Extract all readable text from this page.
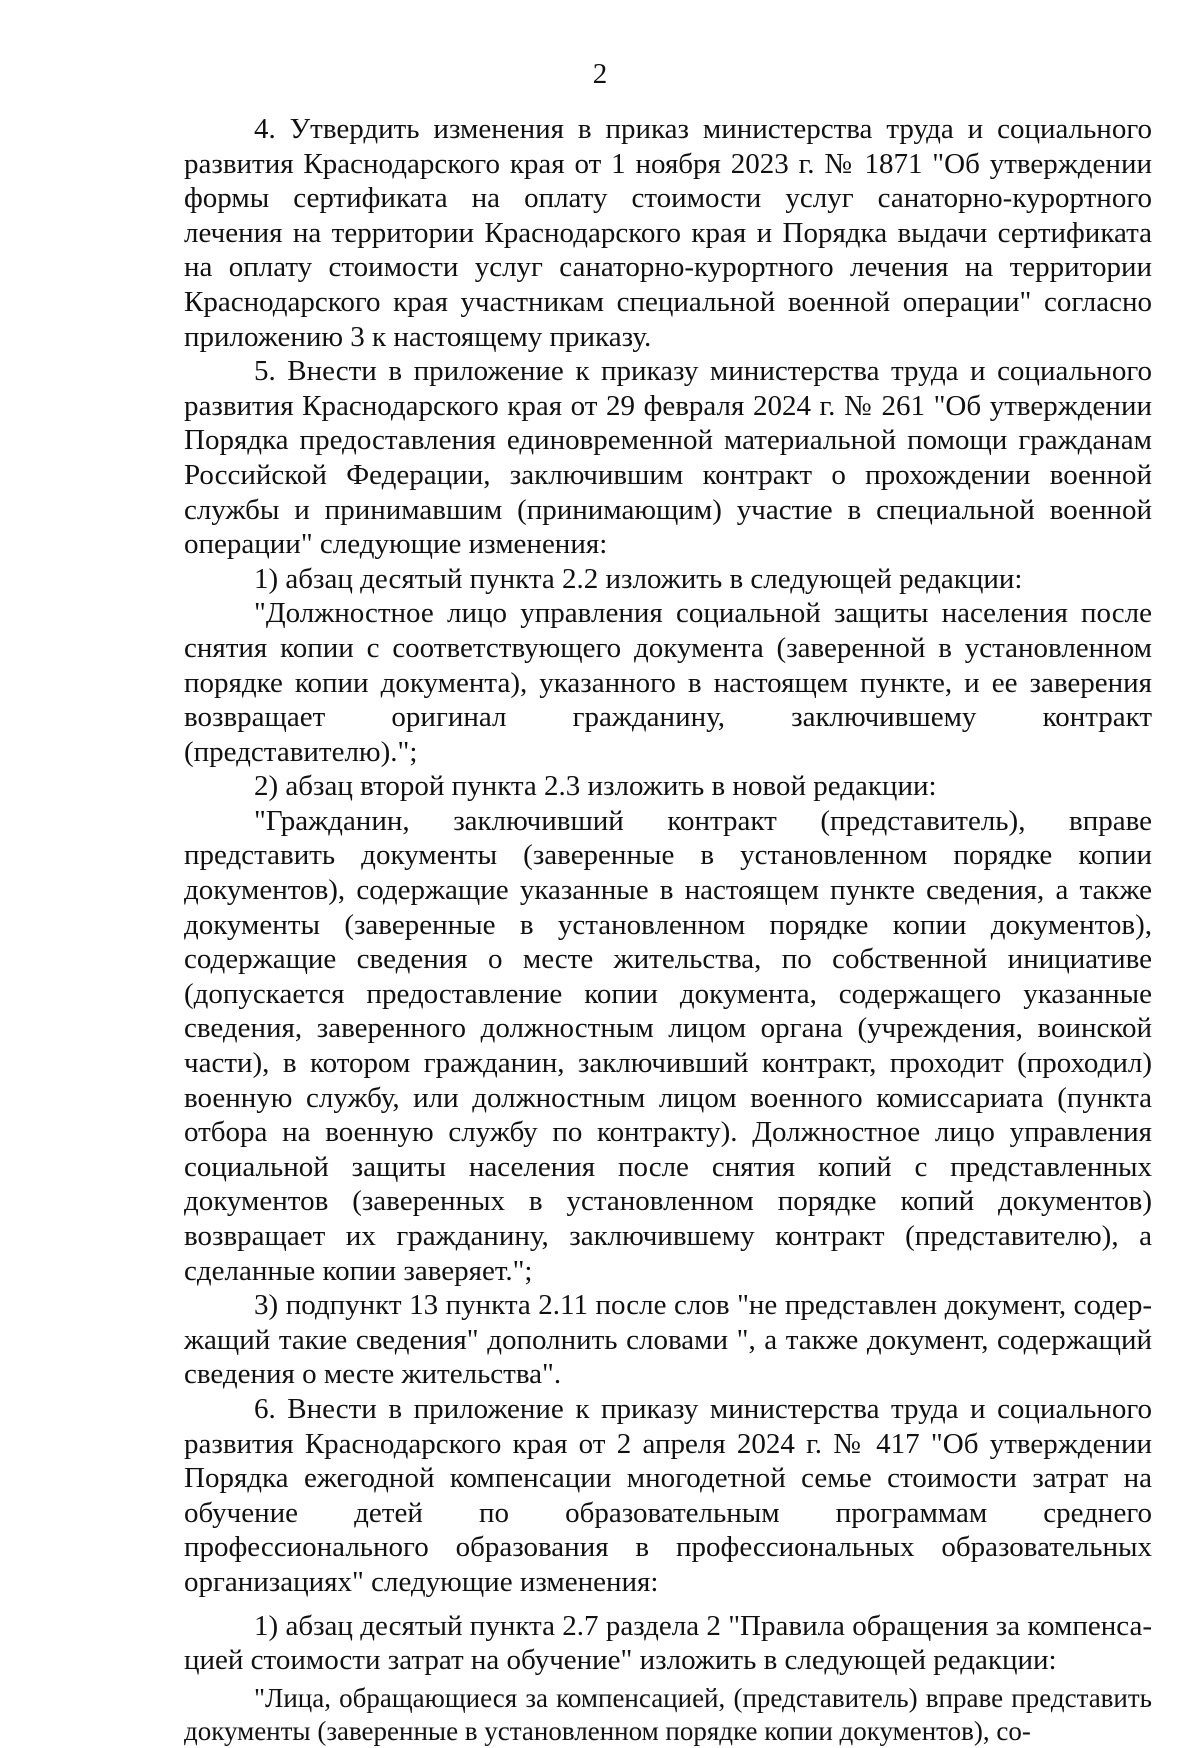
2

4. Утвердить изменения в приказ министерства труда и социального развития Краснодарского края от 1 ноября 2023 г. № 1871 "Об утверждении формы сертификата на оплату стоимости услуг санаторно-курортного лечения на территории Краснодарского края и Порядка выдачи сертификата на оплату стоимости услуг санаторно-курортного лечения на территории Краснодарского края участникам специальной военной операции" согласно приложению 3 к настоящему приказу.

5. Внести в приложение к приказу министерства труда и социального развития Краснодарского края от 29 февраля 2024 г. № 261 "Об утверждении Порядка предоставления единовременной материальной помощи гражданам Российской Федерации, заключившим контракт о прохождении военной службы и принимавшим (принимающим) участие в специальной военной операции" следующие изменения:

1) абзац десятый пункта 2.2 изложить в следующей редакции:

"Должностное лицо управления социальной защиты населения после снятия копии с соответствующего документа (заверенной в установленном порядке копии документа), указанного в настоящем пункте, и ее заверения возвращает оригинал гражданину, заключившему контракт (представителю).";

2) абзац второй пункта 2.3 изложить в новой редакции:

"Гражданин, заключивший контракт (представитель), вправе представить документы (заверенные в установленном порядке копии документов), содержащие указанные в настоящем пункте сведения, а также документы (заверенные в установленном порядке копии документов), содержащие сведения о месте жительства, по собственной инициативе (допускается предоставление копии документа, содержащего указанные сведения, заверенного должностным лицом органа (учреждения, воинской части), в котором гражданин, заключивший контракт, проходит (проходил) военную службу, или должностным лицом военного комиссариата (пункта отбора на военную службу по контракту). Должностное лицо управления социальной защиты населения после снятия копий с представленных документов (заверенных в установленном порядке копий документов) возвращает их гражданину, заключившему контракт (представителю), а сделанные копии заверяет.";

3) подпункт 13 пункта 2.11 после слов "не представлен документ, содержащий такие сведения" дополнить словами ", а также документ, содержащий сведения о месте жительства".

6. Внести в приложение к приказу министерства труда и социального развития Краснодарского края от 2 апреля 2024 г. № 417 "Об утверждении Порядка ежегодной компенсации многодетной семье стоимости затрат на обучение детей по образовательным программам среднего профессионального образования в профессиональных образовательных организациях" следующие изменения:

1) абзац десятый пункта 2.7 раздела 2 "Правила обращения за компенсацией стоимости затрат на обучение" изложить в следующей редакции:

"Лица, обращающиеся за компенсацией, (представитель) вправе представить документы (заверенные в установленном порядке копии документов), со-
